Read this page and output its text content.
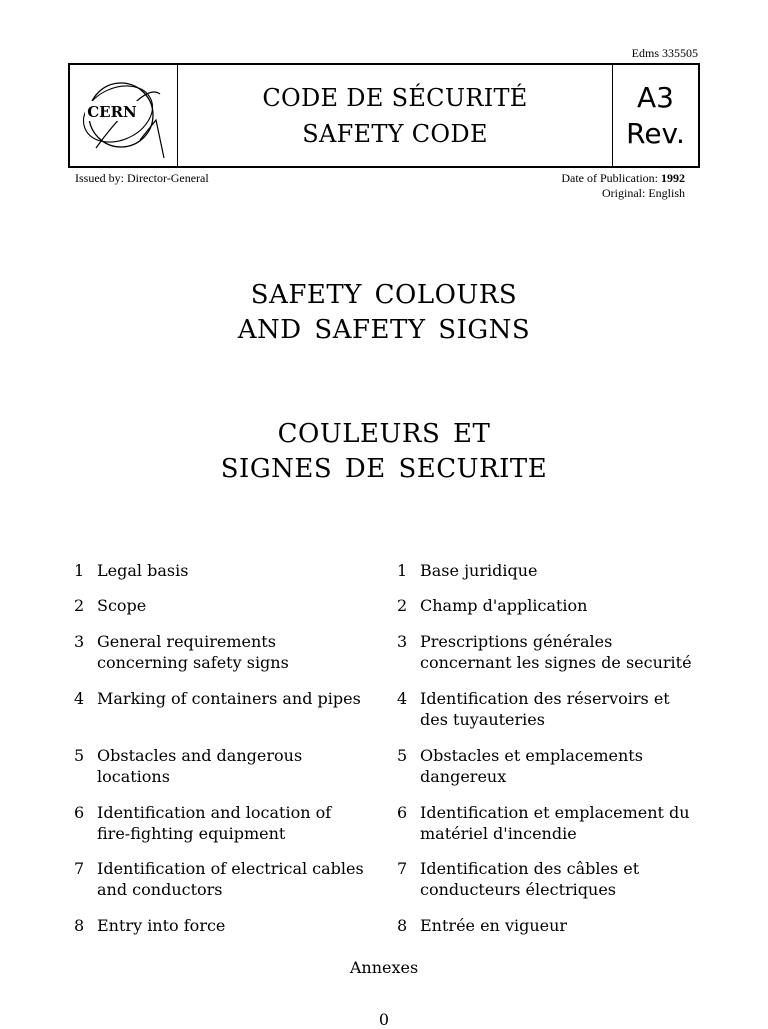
Edms 335505
CERN
CODE DE SÉCURITÉ
SAFETY CODE
A3
Rev.
Issued by: Director-General	Date of Publication: 1992
Original: English
SAFETY COLOURS
AND SAFETY SIGNS
COULEURS ET
SIGNES DE SECURITE
1 Legal basis
2 Scope
3 General requirements
concerning safety signs
4 Marking of containers and pipes
5 Obstacles and dangerous
locations
6 Identification and location of
fire-fighting equipment
7 Identification of electrical cables
and conductors
8 Entry into force
1 Base juridique
2 Champ d'application
3 Prescriptions générales
concernant les signes de securité
4 Identification des réservoirs et
des tuyauteries
5 Obstacles et emplacements
dangereux
6 Identification et emplacement du
matériel d'incendie
7 Identification des câbles et
conducteurs électriques
8 Entrée en vigueur
Annexes
0
